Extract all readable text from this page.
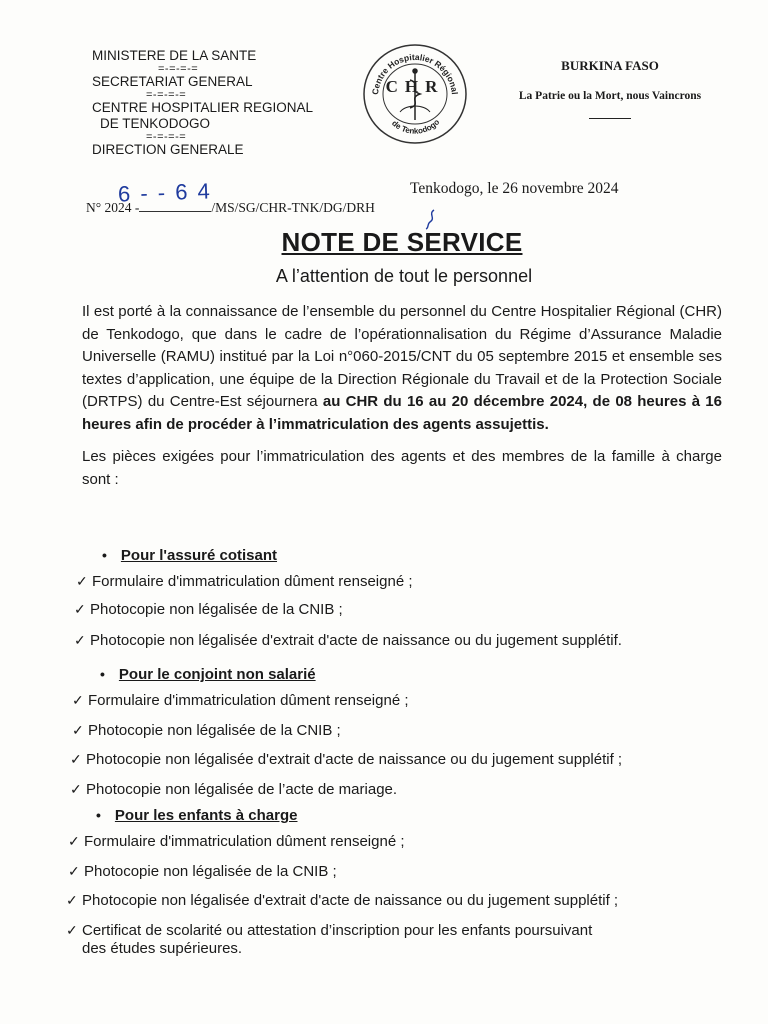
MINISTERE DE LA SANTE
=-=-=-=
SECRETARIAT GENERAL
=-=-=-=
CENTRE HOSPITALIER REGIONAL
DE TENKODOGO
=-=-=-=
DIRECTION GENERALE
Centre Hospitalier Régional
de Tenkodogo
CHR
BURKINA FASO
La Patrie ou la Mort, nous Vaincrons
6 - - 6 4	Tenkodogo, le 26 novembre 2024
N° 2024 -	/MS/SG/CHR-TNK/DG/DRH
NOTE DE SERVICE
A l’attention de tout le personnel

Il est porté à la connaissance de l’ensemble du personnel du Centre Hospitalier Régional (CHR) de Tenkodogo, que dans le cadre de l’opérationnalisation du Régime d’Assurance Maladie Universelle (RAMU) institué par la Loi n°060-2015/CNT du 05 septembre 2015 et ensemble ses textes d’application, une équipe de la Direction Régionale du Travail et de la Protection Sociale (DRTPS) du Centre-Est séjournera au CHR du 16 au 20 décembre 2024, de 08 heures à 16 heures afin de procéder à l’immatriculation des agents assujettis.

Les pièces exigées pour l’immatriculation des agents et des membres de la famille à charge sont :

• Pour l'assuré cotisant
✓ Formulaire d'immatriculation dûment renseigné ;
✓ Photocopie non légalisée de la CNIB ;
✓ Photocopie non légalisée d'extrait d'acte de naissance ou du jugement supplétif.
• Pour le conjoint non salarié
✓ Formulaire d'immatriculation dûment renseigné ;
✓ Photocopie non légalisée de la CNIB ;
✓ Photocopie non légalisée d'extrait d'acte de naissance ou du jugement supplétif ;
✓ Photocopie non légalisée de l’acte de mariage.
• Pour les enfants à charge
✓ Formulaire d'immatriculation dûment renseigné ;
✓ Photocopie non légalisée de la CNIB ;
✓ Photocopie non légalisée d'extrait d'acte de naissance ou du jugement supplétif ;
✓ Certificat de scolarité ou attestation d’inscription pour les enfants poursuivant
des études supérieures.
